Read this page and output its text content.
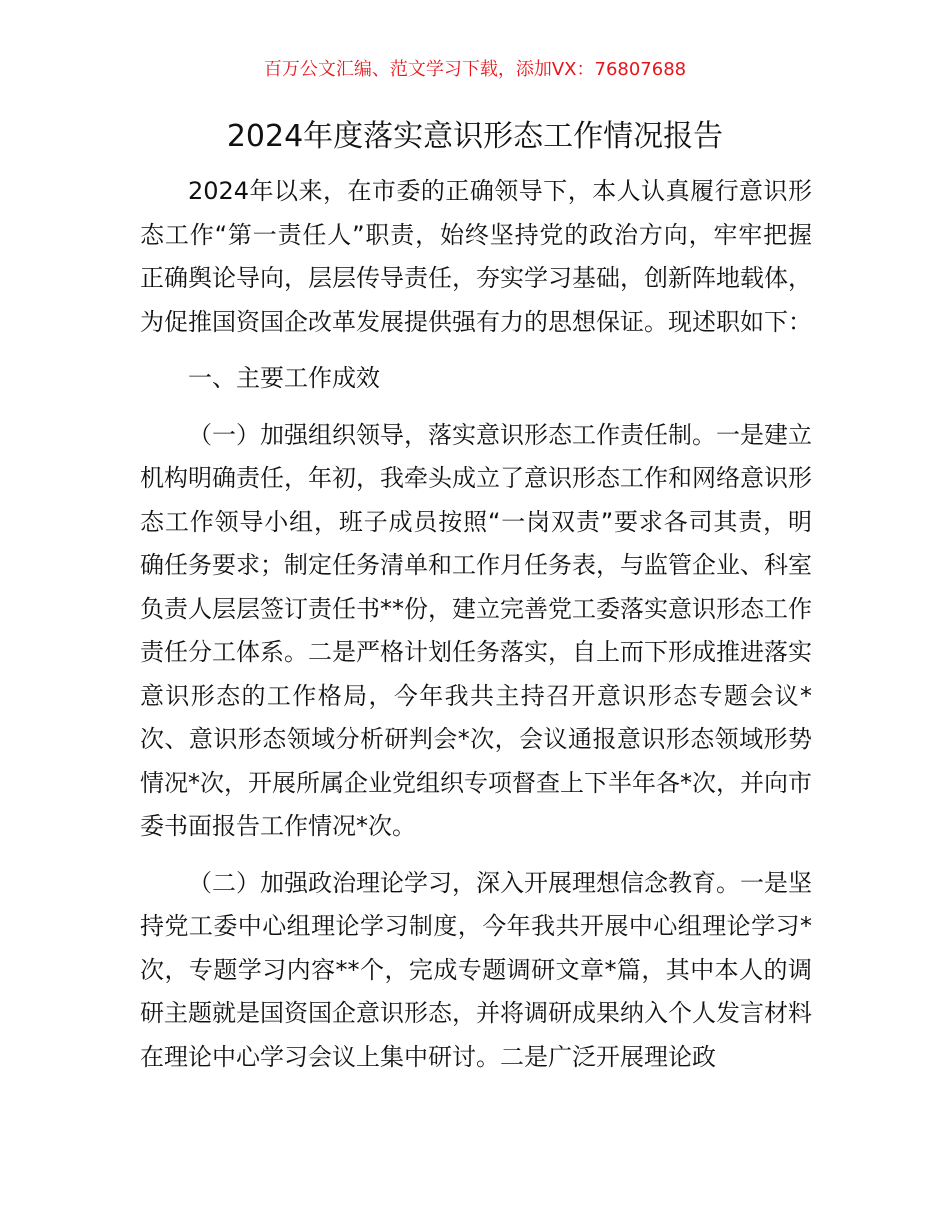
百万公文汇编、范文学习下载，添加VX：76807688
2024年度落实意识形态工作情况报告

2024年以来，在市委的正确领导下，本人认真履行意识形态工作“第一责任人”职责，始终坚持党的政治方向，牢牢把握正确舆论导向，层层传导责任，夯实学习基础，创新阵地载体，为促推国资国企改革发展提供强有力的思想保证。现述职如下：

一、主要工作成效

（一）加强组织领导，落实意识形态工作责任制。一是建立机构明确责任，年初，我牵头成立了意识形态工作和网络意识形态工作领导小组，班子成员按照“一岗双责”要求各司其责，明确任务要求；制定任务清单和工作月任务表，与监管企业、科室负责人层层签订责任书**份，建立完善党工委落实意识形态工作责任分工体系。二是严格计划任务落实，自上而下形成推进落实意识形态的工作格局，今年我共主持召开意识形态专题会议*次、意识形态领域分析研判会*次，会议通报意识形态领域形势情况*次，开展所属企业党组织专项督查上下半年各*次，并向市委书面报告工作情况*次。

（二）加强政治理论学习，深入开展理想信念教育。一是坚持党工委中心组理论学习制度，今年我共开展中心组理论学习*次，专题学习内容**个，完成专题调研文章*篇，其中本人的调研主题就是国资国企意识形态，并将调研成果纳入个人发言材料在理论中心学习会议上集中研讨。二是广泛开展理论政
